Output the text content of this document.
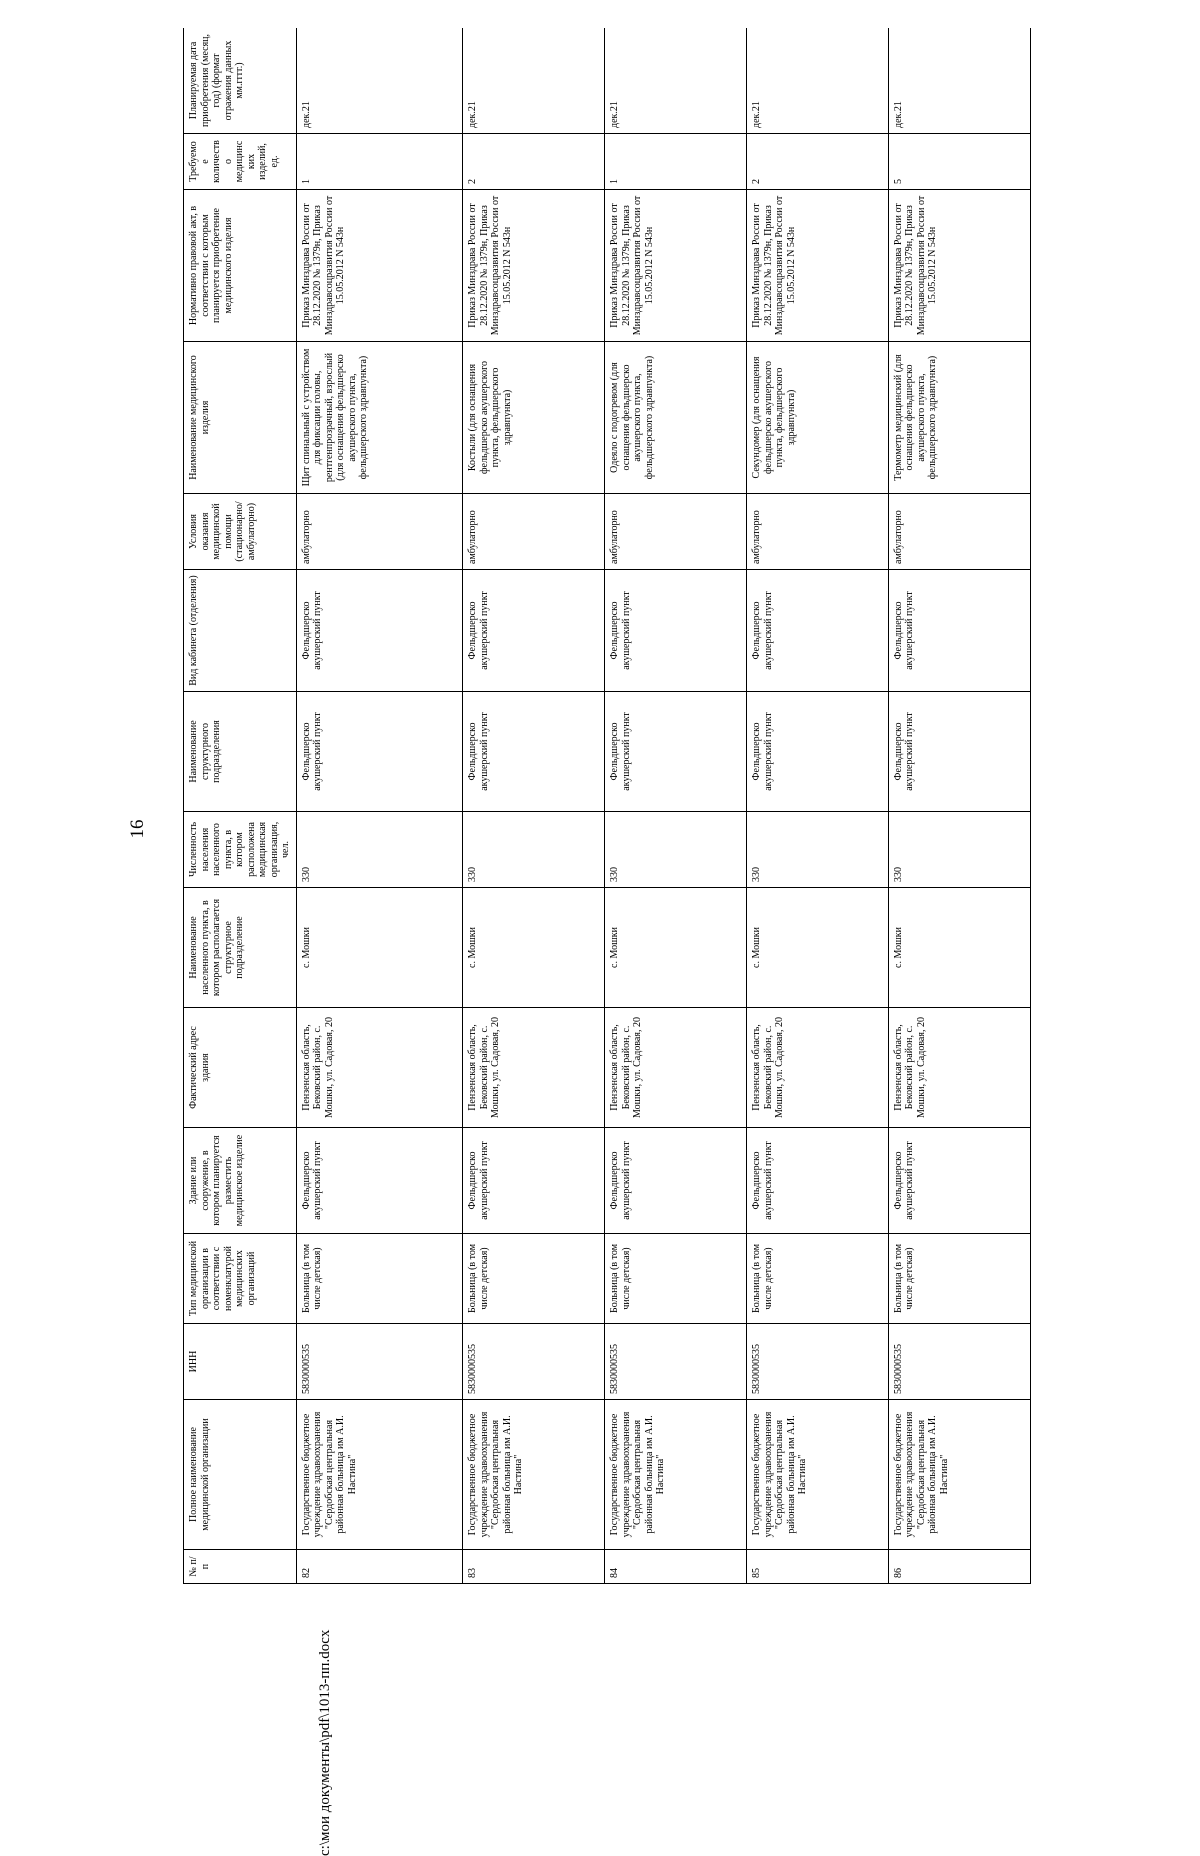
16
№ п/п	Полное наименование медицинской организации	ИНН	Тип медицинской организации в соответствии с номенклатурой медицинских организаций	Здание или сооружение, в котором планируется разместить медицинское изделие	Фактический адрес здания	Наименование населенного пункта, в котором располагается структурное подразделение	Численность населения населенного пункта, в котором расположена медицинская организация, чел.	Наименование структурного подразделения	Вид кабинета (отделения)	Условия оказания медицинской помощи (стационарно/ амбулаторно)	Наименование медицинского изделия	Нормативно правовой акт, в соответствии с которым планируется приобретение медицинского изделия	Требуемое количество медицинских изделий, ед.	Планируемая дата приобретения (месяц, год) (формат отражения данных мм.гггг.)
82	Государственное бюджетное учреждение здравоохранения "Сердобская центральная районная больница им А.И. Настина"	5830000535	Больница (в том числе детская)	Фельдшерско акушерский пункт	Пензенская область, Бековский район, с. Мошки, ул. Садовая, 20	с. Мошки	330	Фельдшерско акушерский пункт	Фельдшерско акушерский пункт	амбулаторно	Щит спинальный с устройством для фиксации головы, рентгенпрозрачный, взрослый (для оснащения фельдшерско акушерского пункта, фельдшерского здравпункта)	Приказ Минздрава России от 28.12.2020 № 1379н, Приказ Минздравсоцразвития России от 15.05.2012 N 543н	1	дек.21
83	Государственное бюджетное учреждение здравоохранения "Сердобская центральная районная больница им А.И. Настина"	5830000535	Больница (в том числе детская)	Фельдшерско акушерский пункт	Пензенская область, Бековский район, с. Мошки, ул. Садовая, 20	с. Мошки	330	Фельдшерско акушерский пункт	Фельдшерско акушерский пункт	амбулаторно	Костыли (для оснащения фельдшерско акушерского пункта, фельдшерского здравпункта)	Приказ Минздрава России от 28.12.2020 № 1379н, Приказ Минздравсоцразвития России от 15.05.2012 N 543н	2	дек.21
84	Государственное бюджетное учреждение здравоохранения "Сердобская центральная районная больница им А.И. Настина"	5830000535	Больница (в том числе детская)	Фельдшерско акушерский пункт	Пензенская область, Бековский район, с. Мошки, ул. Садовая, 20	с. Мошки	330	Фельдшерско акушерский пункт	Фельдшерско акушерский пункт	амбулаторно	Одеяло с подогревом (для оснащения фельдшерско акушерского пункта, фельдшерского здравпункта)	Приказ Минздрава России от 28.12.2020 № 1379н, Приказ Минздравсоцразвития России от 15.05.2012 N 543н	1	дек.21
85	Государственное бюджетное учреждение здравоохранения "Сердобская центральная районная больница им А.И. Настина"	5830000535	Больница (в том числе детская)	Фельдшерско акушерский пункт	Пензенская область, Бековский район, с. Мошки, ул. Садовая, 20	с. Мошки	330	Фельдшерско акушерский пункт	Фельдшерско акушерский пункт	амбулаторно	Секундомер (для оснащения фельдшерско акушерского пункта, фельдшерского здравпункта)	Приказ Минздрава России от 28.12.2020 № 1379н, Приказ Минздравсоцразвития России от 15.05.2012 N 543н	2	дек.21
86	Государственное бюджетное учреждение здравоохранения "Сердобская центральная районная больница им А.И. Настина"	5830000535	Больница (в том числе детская)	Фельдшерско акушерский пункт	Пензенская область, Бековский район, с. Мошки, ул. Садовая, 20	с. Мошки	330	Фельдшерско акушерский пункт	Фельдшерско акушерский пункт	амбулаторно	Термометр медицинский (для оснащения фельдшерско акушерского пункта, фельдшерского здравпункта)	Приказ Минздрава России от 28.12.2020 № 1379н, Приказ Минздравсоцразвития России от 15.05.2012 N 543н	5	дек.21
c:\мои документы\pdf\1013-пп.docx
